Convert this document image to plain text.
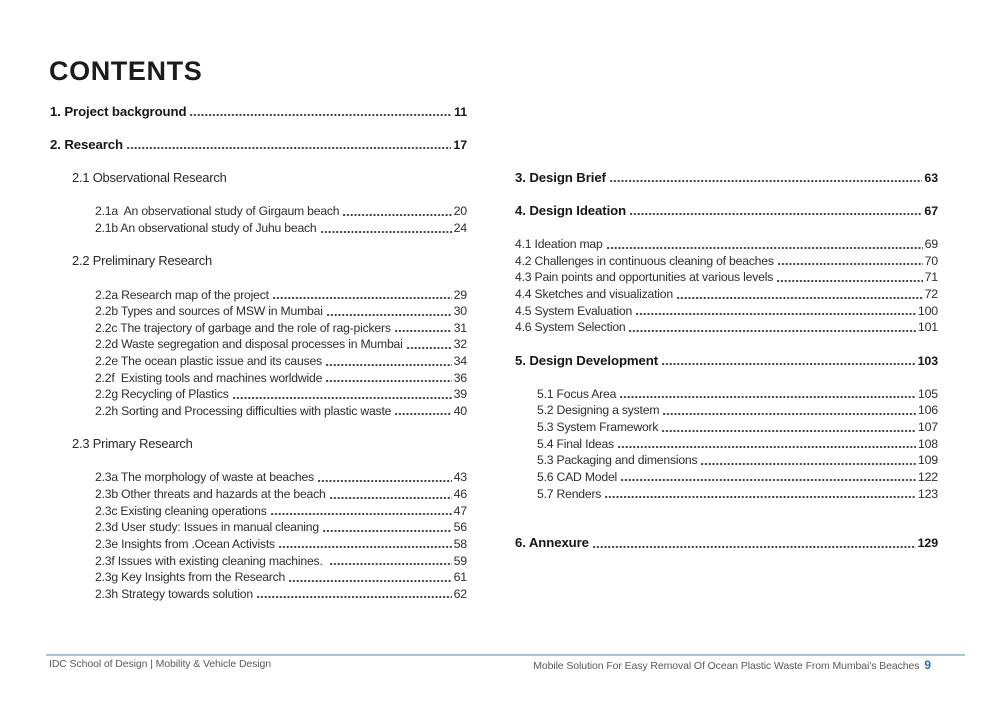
CONTENTS
1. Project background	11
2. Research	17
2.1 Observational Research
2.1a  An observational study of Girgaum beach	20
2.1b An observational study of Juhu beach	24
2.2 Preliminary Research
2.2a Research map of the project	29
2.2b Types and sources of MSW in Mumbai	30
2.2c The trajectory of garbage and the role of rag-pickers	31
2.2d Waste segregation and disposal processes in Mumbai	32
2.2e The ocean plastic issue and its causes	34
2.2f  Existing tools and machines worldwide	36
2.2g Recycling of Plastics	39
2.2h Sorting and Processing difficulties with plastic waste	40
2.3 Primary Research
2.3a The morphology of waste at beaches	43
2.3b Other threats and hazards at the beach	46
2.3c Existing cleaning operations	47
2.3d User study: Issues in manual cleaning	56
2.3e Insights from .Ocean Activists	58
2.3f Issues with existing cleaning machines.	59
2.3g Key Insights from the Research	61
2.3h Strategy towards solution	62
3. Design Brief	63
4. Design Ideation	67
4.1 Ideation map	69
4.2 Challenges in continuous cleaning of beaches	70
4.3 Pain points and opportunities at various levels	71
4.4 Sketches and visualization	72
4.5 System Evaluation	100
4.6 System Selection	101
5. Design Development	103
5.1 Focus Area	105
5.2 Designing a system	106
5.3 System Framework	107
5.4 Final Ideas	108
5.3 Packaging and dimensions	109
5.6 CAD Model	122
5.7 Renders	123
6. Annexure	129
IDC School of Design | Mobility & Vehicle Design	Mobile Solution For Easy Removal Of Ocean Plastic Waste From Mumbai’s Beaches 9
